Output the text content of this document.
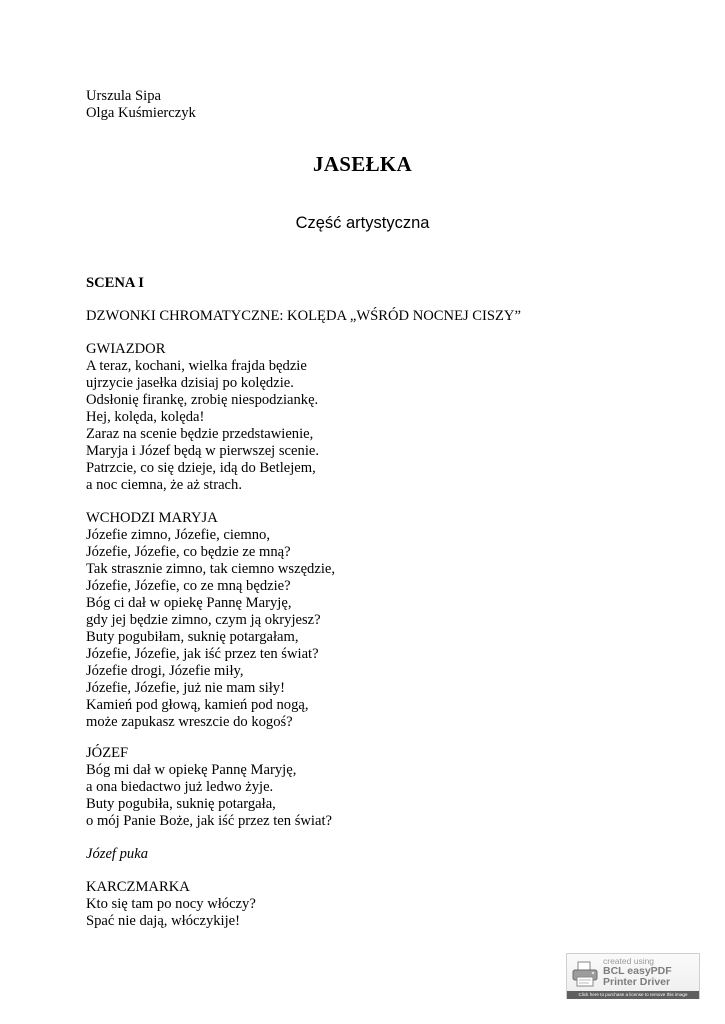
Urszula Sipa
Olga Kuśmierczyk
JASEŁKA
Część artystyczna
SCENA I
DZWONKI CHROMATYCZNE: KOLĘDA „WŚRÓD NOCNEJ CISZY”
GWIAZDOR
A teraz, kochani, wielka frajda będzie
ujrzycie jasełka dzisiaj po kolędzie.
Odsłonię firankę, zrobię niespodziankę.
Hej, kolęda, kolęda!
Zaraz na scenie będzie przedstawienie,
Maryja i Józef będą w pierwszej scenie.
Patrzcie, co się dzieje, idą do Betlejem,
a noc ciemna, że aż strach.
WCHODZI MARYJA
Józefie zimno, Józefie, ciemno,
Józefie, Józefie, co będzie ze mną?
Tak strasznie zimno, tak ciemno wszędzie,
Józefie, Józefie, co ze mną będzie?
Bóg ci dał w opiekę Pannę Maryję,
gdy jej będzie zimno, czym ją okryjesz?
Buty pogubiłam, suknię potargałam,
Józefie, Józefie, jak iść przez ten świat?
Józefie drogi, Józefie miły,
Józefie, Józefie, już nie mam siły!
Kamień pod głową, kamień pod nogą,
może zapukasz wreszcie do kogoś?
JÓZEF
Bóg mi dał w opiekę Pannę Maryję,
a ona biedactwo już ledwo żyje.
Buty pogubiła, suknię potargała,
o mój Panie Boże, jak iść przez ten świat?
Józef puka
KARCZMARKA
Kto się tam po nocy włóczy?
Spać nie dają, włóczykije!
created using
BCL easyPDF
Printer Driver
Click here to purchase a license to remove this image
